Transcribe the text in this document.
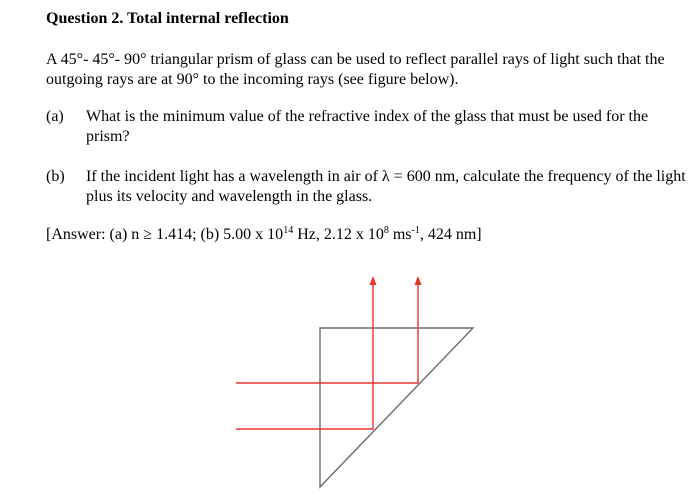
Question 2. Total internal reflection
A 45°- 45°- 90° triangular prism of glass can be used to reflect parallel rays of light such that the outgoing rays are at 90° to the incoming rays (see figure below).
(a) What is the minimum value of the refractive index of the glass that must be used for the prism?
(b) If the incident light has a wavelength in air of λ = 600 nm, calculate the frequency of the light plus its velocity and wavelength in the glass.
[Answer: (a) n ≥ 1.414; (b) 5.00 x $10^{14}$ Hz, 2.12 x $10^8$ $ms^{-1}$, 424 nm]
